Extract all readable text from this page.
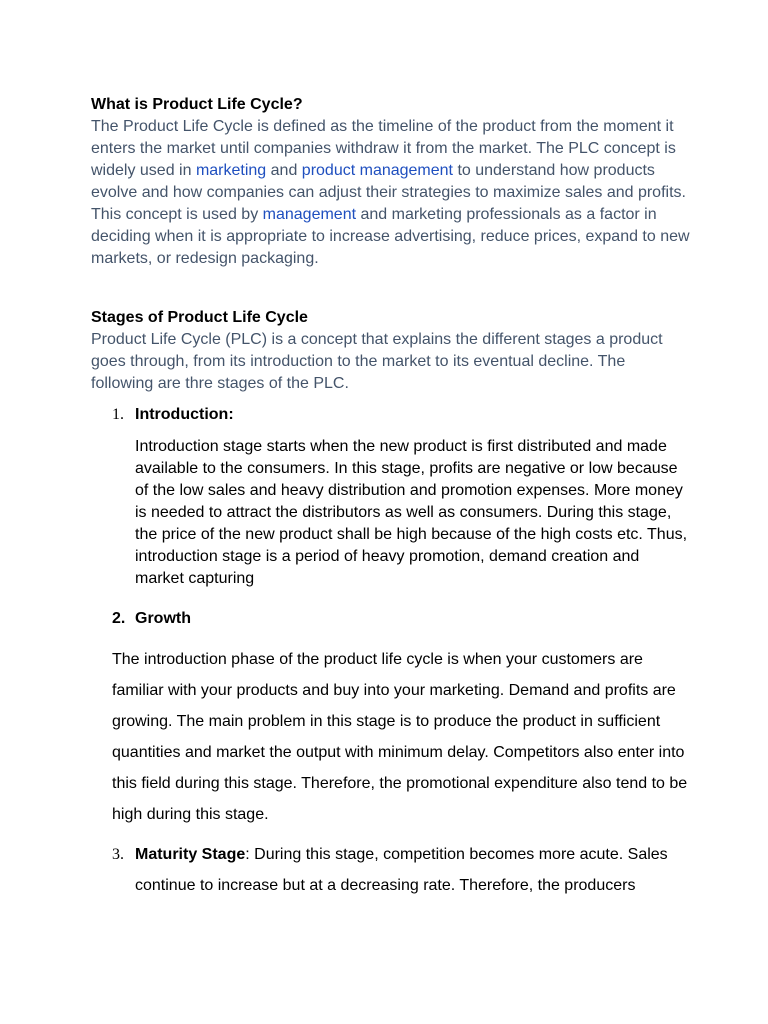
What is Product Life Cycle?

The Product Life Cycle is defined as the timeline of the product from the moment it enters the market until companies withdraw it from the market. The PLC concept is widely used in marketing and product management to understand how products evolve and how companies can adjust their strategies to maximize sales and profits.

This concept is used by management and marketing professionals as a factor in deciding when it is appropriate to increase advertising, reduce prices, expand to new markets, or redesign packaging.

Stages of Product Life Cycle

Product Life Cycle (PLC) is a concept that explains the different stages a product goes through, from its introduction to the market to its eventual decline. The following are thre stages of the PLC.

1. Introduction:

Introduction stage starts when the new product is first distributed and made available to the consumers. In this stage, profits are negative or low because of the low sales and heavy distribution and promotion expenses. More money is needed to attract the distributors as well as consumers. During this stage, the price of the new product shall be high because of the high costs etc. Thus, introduction stage is a period of heavy promotion, demand creation and market capturing

2. Growth

The introduction phase of the product life cycle is when your customers are familiar with your products and buy into your marketing. Demand and profits are growing. The main problem in this stage is to produce the product in sufficient quantities and market the output with minimum delay. Competitors also enter into this field during this stage. Therefore, the promotional expenditure also tend to be high during this stage.

3. Maturity Stage: During this stage, competition becomes more acute. Sales continue to increase but at a decreasing rate. Therefore, the producers
